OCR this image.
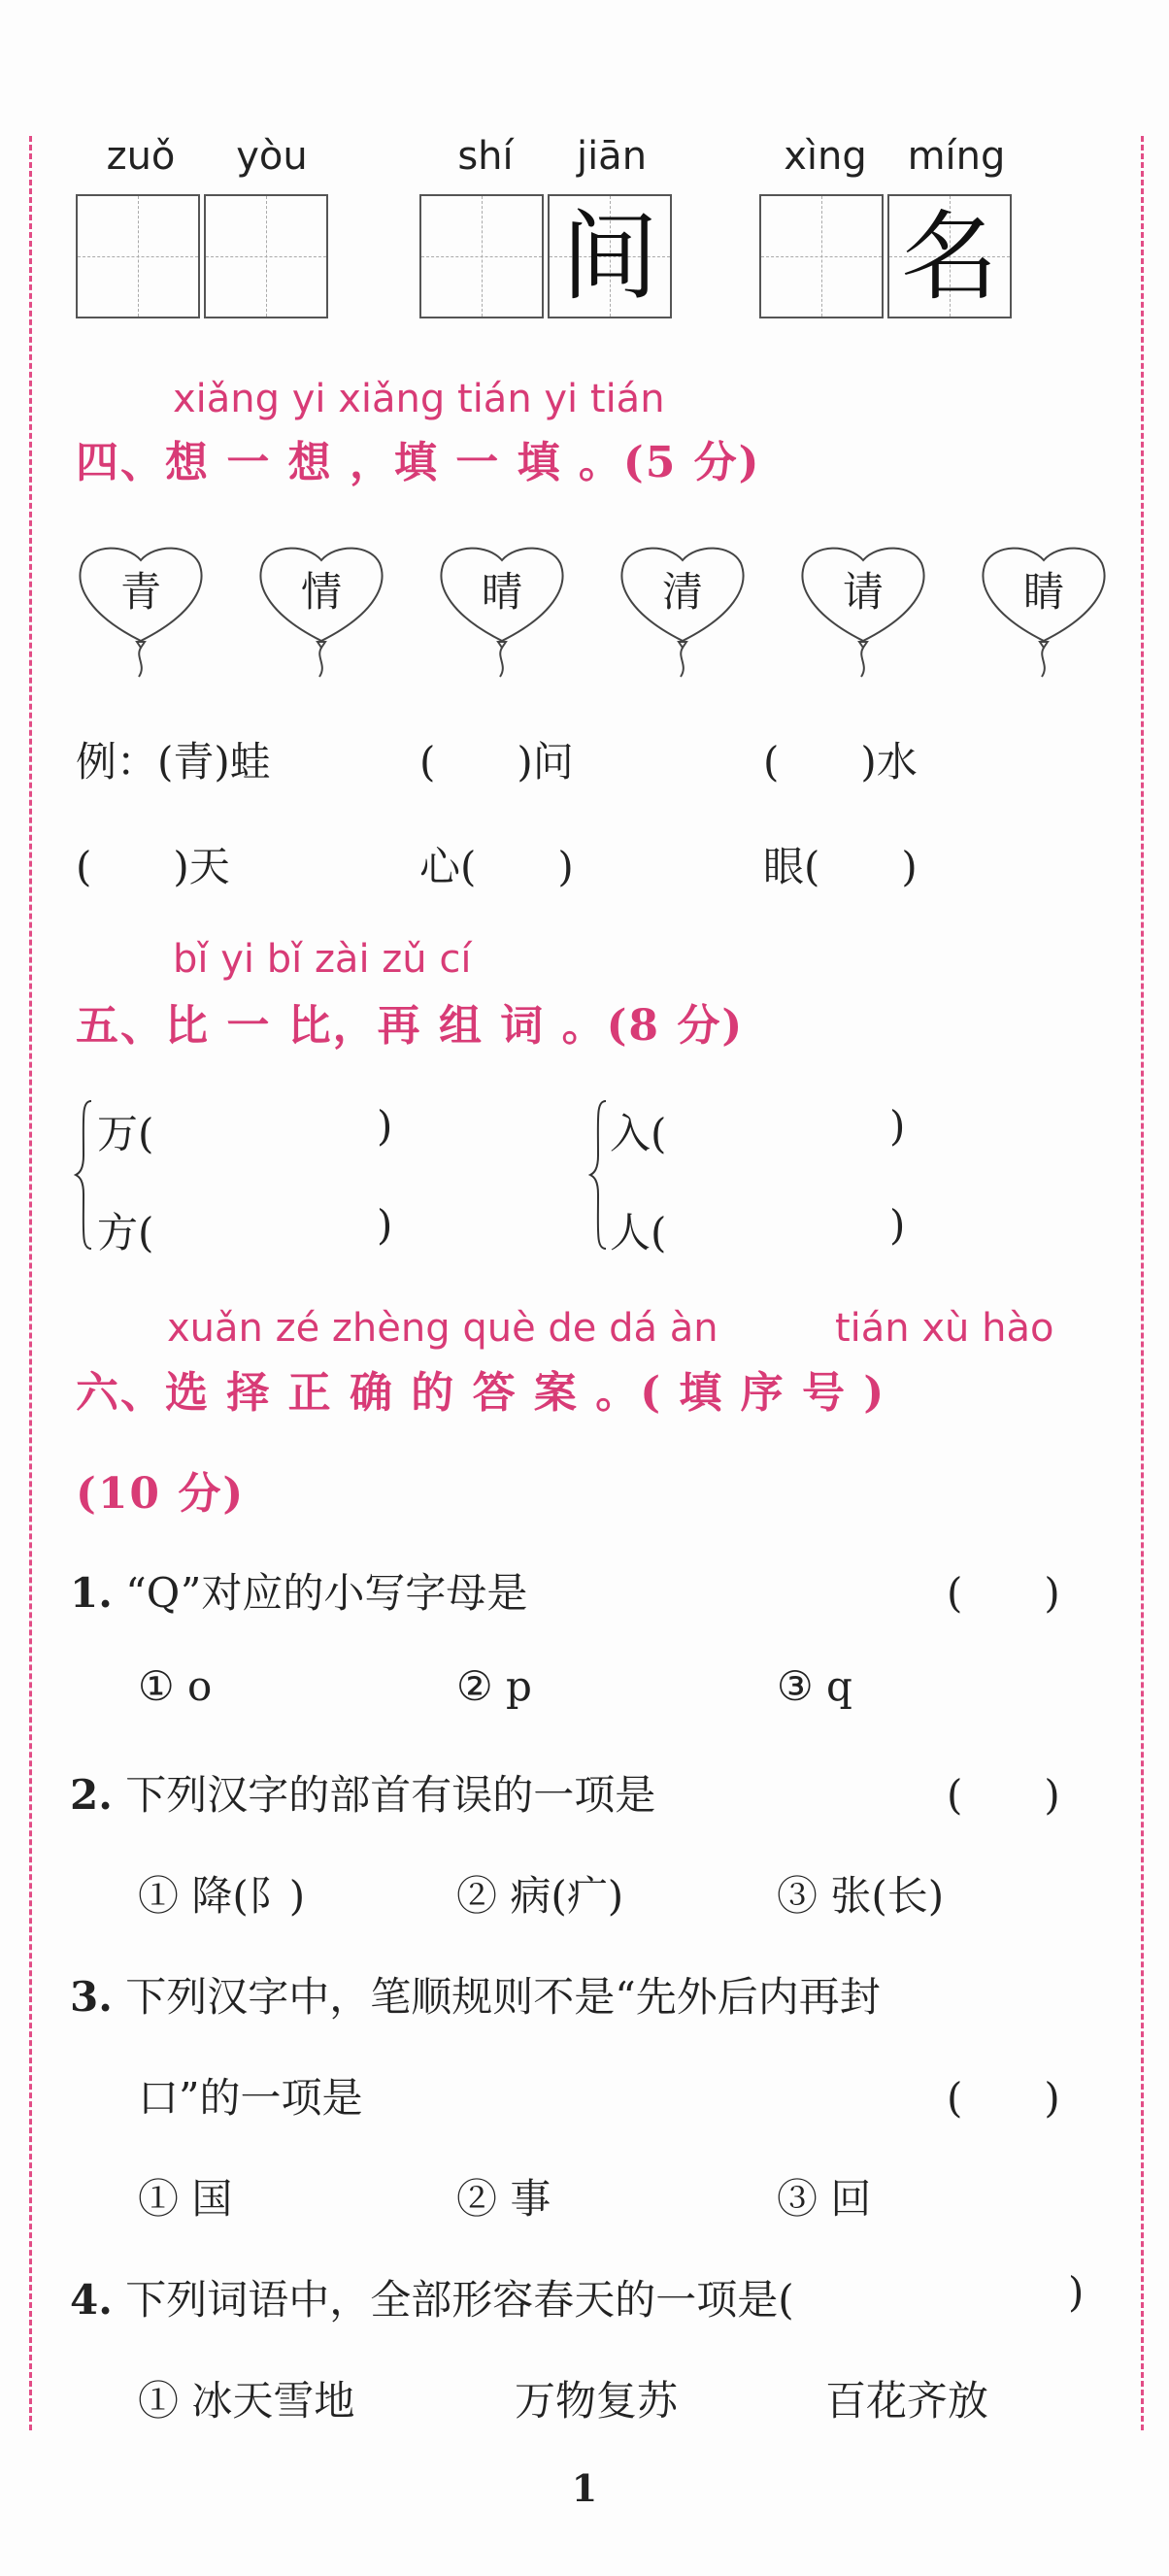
zuǒ	yòu	shí	jiān
间
xìng	míng
名
xiǎng yi xiǎng tián yi tián
四、想 一 想 ，填 一 填 。(5 分)
青	情	晴	清	请	睛
例：(青)蛙	(　　)问	(　　)水
(　　)天	心(　　)	眼(　　)
bǐ yi bǐ zài zǔ cí
五、比 一 比，再 组 词 。(8 分)
万(	)
方(	)
入(	)
人(	)
xuǎn zé zhèng què de dá àn	tián xù hào
六、选 择 正 确 的 答 案 。( 填 序 号 )
(10 分)
1. “Q”对应的小写字母是	(　　)
① o	② p	③ q
2. 下列汉字的部首有误的一项是	(　　)
① 降(阝)	② 病(疒)	③ 张(长)
3. 下列汉字中，笔顺规则不是“先外后内再封
口”的一项是	(　　)
① 国	② 事	③ 回
4. 下列词语中，全部形容春天的一项是(	)
① 冰天雪地	万物复苏	百花齐放
1
